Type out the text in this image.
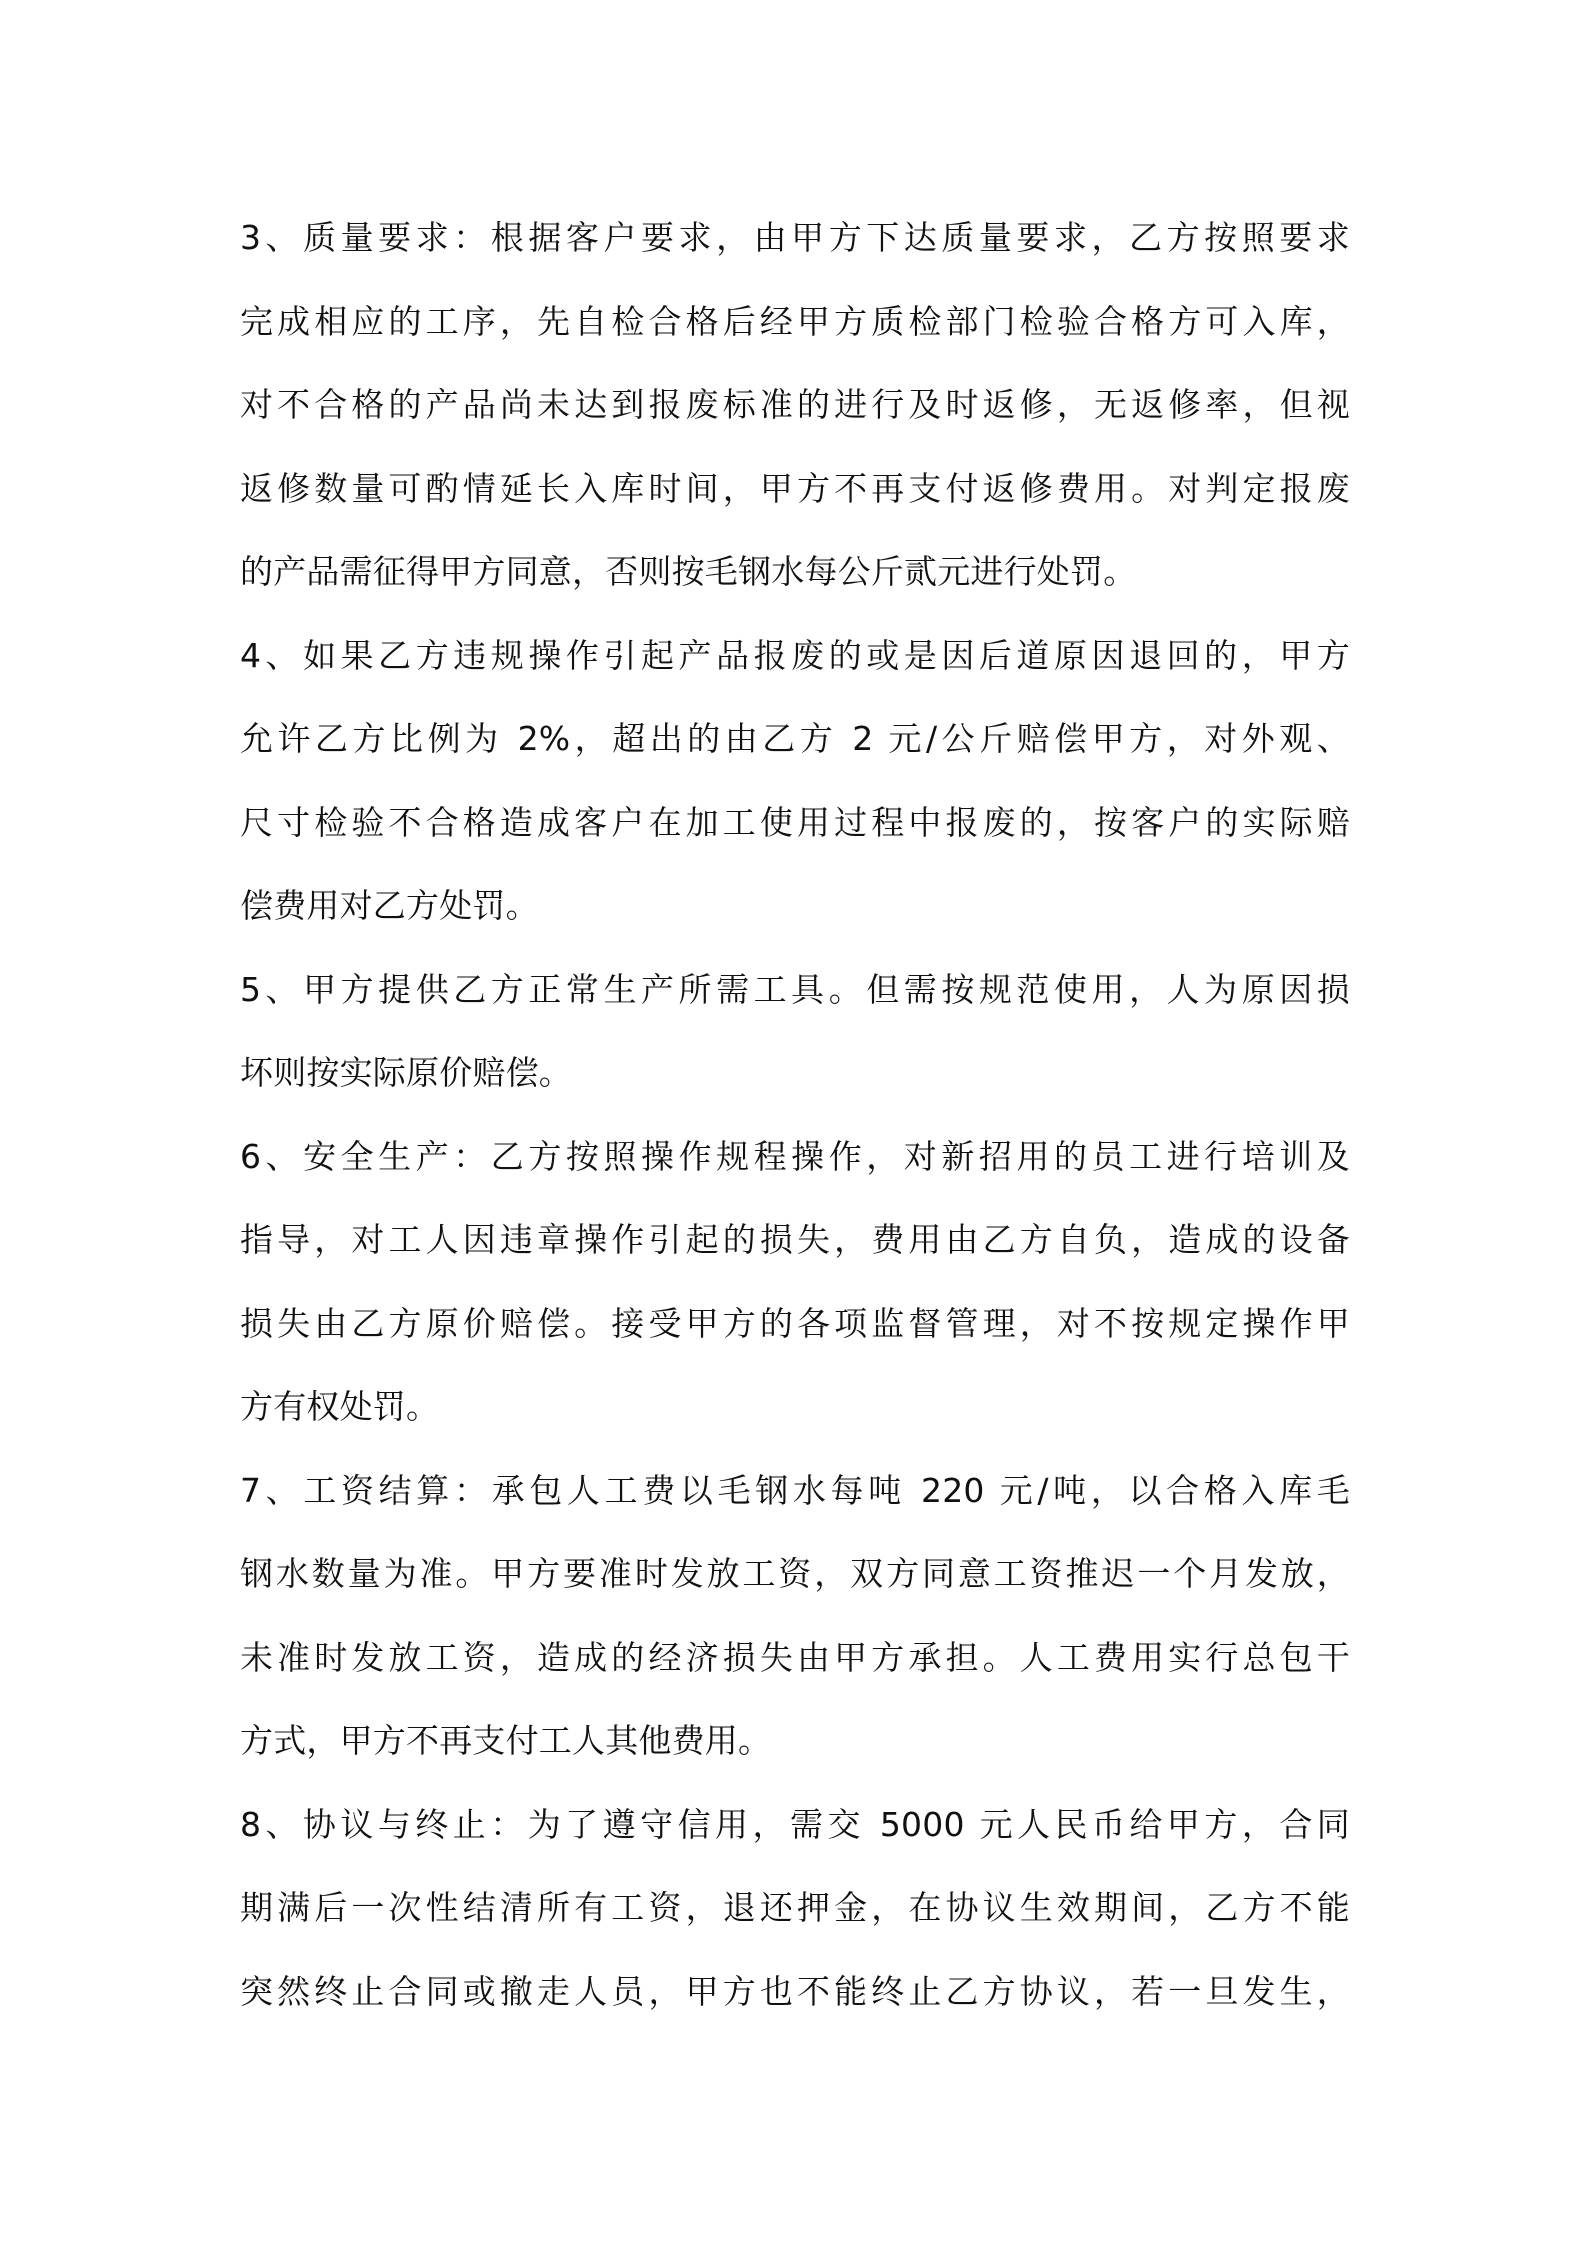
3、质量要求：根据客户要求，由甲方下达质量要求，乙方按照要求
完成相应的工序，先自检合格后经甲方质检部门检验合格方可入库，
对不合格的产品尚未达到报废标准的进行及时返修，无返修率，但视
返修数量可酌情延长入库时间，甲方不再支付返修费用。对判定报废
的产品需征得甲方同意，否则按毛钢水每公斤贰元进行处罚。
4、如果乙方违规操作引起产品报废的或是因后道原因退回的，甲方
允许乙方比例为 2%，超出的由乙方 2 元/公斤赔偿甲方，对外观、
尺寸检验不合格造成客户在加工使用过程中报废的，按客户的实际赔
偿费用对乙方处罚。
5、甲方提供乙方正常生产所需工具。但需按规范使用，人为原因损
坏则按实际原价赔偿。
6、安全生产：乙方按照操作规程操作，对新招用的员工进行培训及
指导，对工人因违章操作引起的损失，费用由乙方自负，造成的设备
损失由乙方原价赔偿。接受甲方的各项监督管理，对不按规定操作甲
方有权处罚。
7、工资结算：承包人工费以毛钢水每吨 220 元/吨，以合格入库毛
钢水数量为准。甲方要准时发放工资，双方同意工资推迟一个月发放，
未准时发放工资，造成的经济损失由甲方承担。人工费用实行总包干
方式，甲方不再支付工人其他费用。
8、协议与终止：为了遵守信用，需交 5000 元人民币给甲方，合同
期满后一次性结清所有工资，退还押金，在协议生效期间，乙方不能
突然终止合同或撤走人员，甲方也不能终止乙方协议，若一旦发生，
